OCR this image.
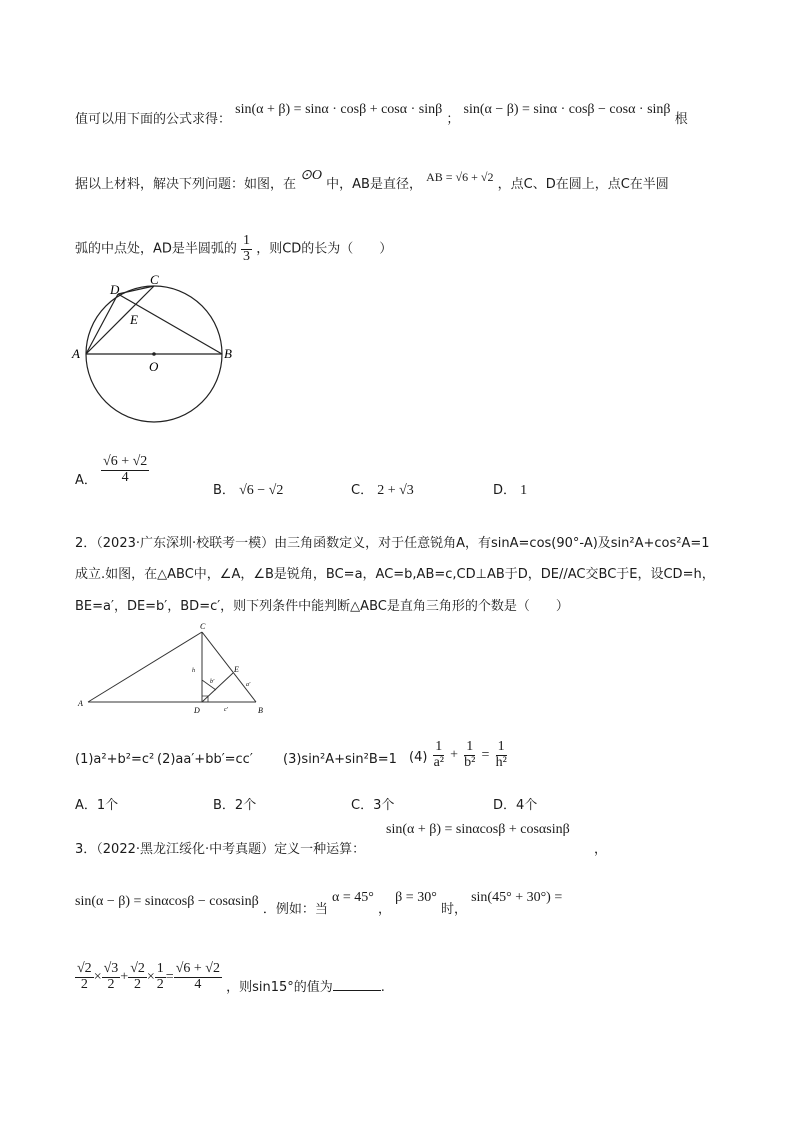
值可以用下面的公式求得： sin(α + β) = sinα · cosβ + cosα · sinβ ； sin(α − β) = sinα · cosβ − cosα · sinβ 根
据以上材料，解决下列问题：如图，在 ⊙O 中，AB是直径， AB = √6 + √2 ，点C、D在圆上，点C在半圆
弧的中点处，AD是半圆弧的 $\frac{1}{3}$ ，则CD的长为（　　）
A	B
C
D
E
O
A． $\frac{√6 + √2}{4}$
B． √6 − √2	C． 2 + √3	D． 1
2．（2023·广东深圳·校联考一模）由三角函数定义，对于任意锐角A，有sinA=cos(90°-A)及sin²A+cos²A=1
成立.如图，在△ABC中，∠A，∠B是锐角，BC=a，AC=b,AB=c,CD⊥AB于D，DE//AC交BC于E，设CD=h，
BE=a′，DE=b′，BD=c′，则下列条件中能判断△ABC是直角三角形的个数是（　　）
A
B
C
D
E
h
b′	a′
c′
(1)a²+b²=c² (2)aa′+bb′=cc′ (3)sin²A+sin²B=1 $(4) \frac{1}{\text{a²}} + \frac{1}{\text{b²}} = \frac{1}{\text{h²}}$
A．1个	B．2个	C．3个	D．4个
3．（2022·黑龙江绥化·中考真题）定义一种运算：
sin(α + β) = sinαcosβ + cosαsinβ
，
sin(α − β) = sinαcosβ − cosαsinβ ．例如：当 α = 45° ， β = 30° 时， sin(45° + 30°) =
$\frac{√2}{2} \times \frac{√3}{2} + \frac{√2}{2} \times \frac{1}{2} = \frac{√6 + √2}{4}$ ，则sin15°的值为	.
